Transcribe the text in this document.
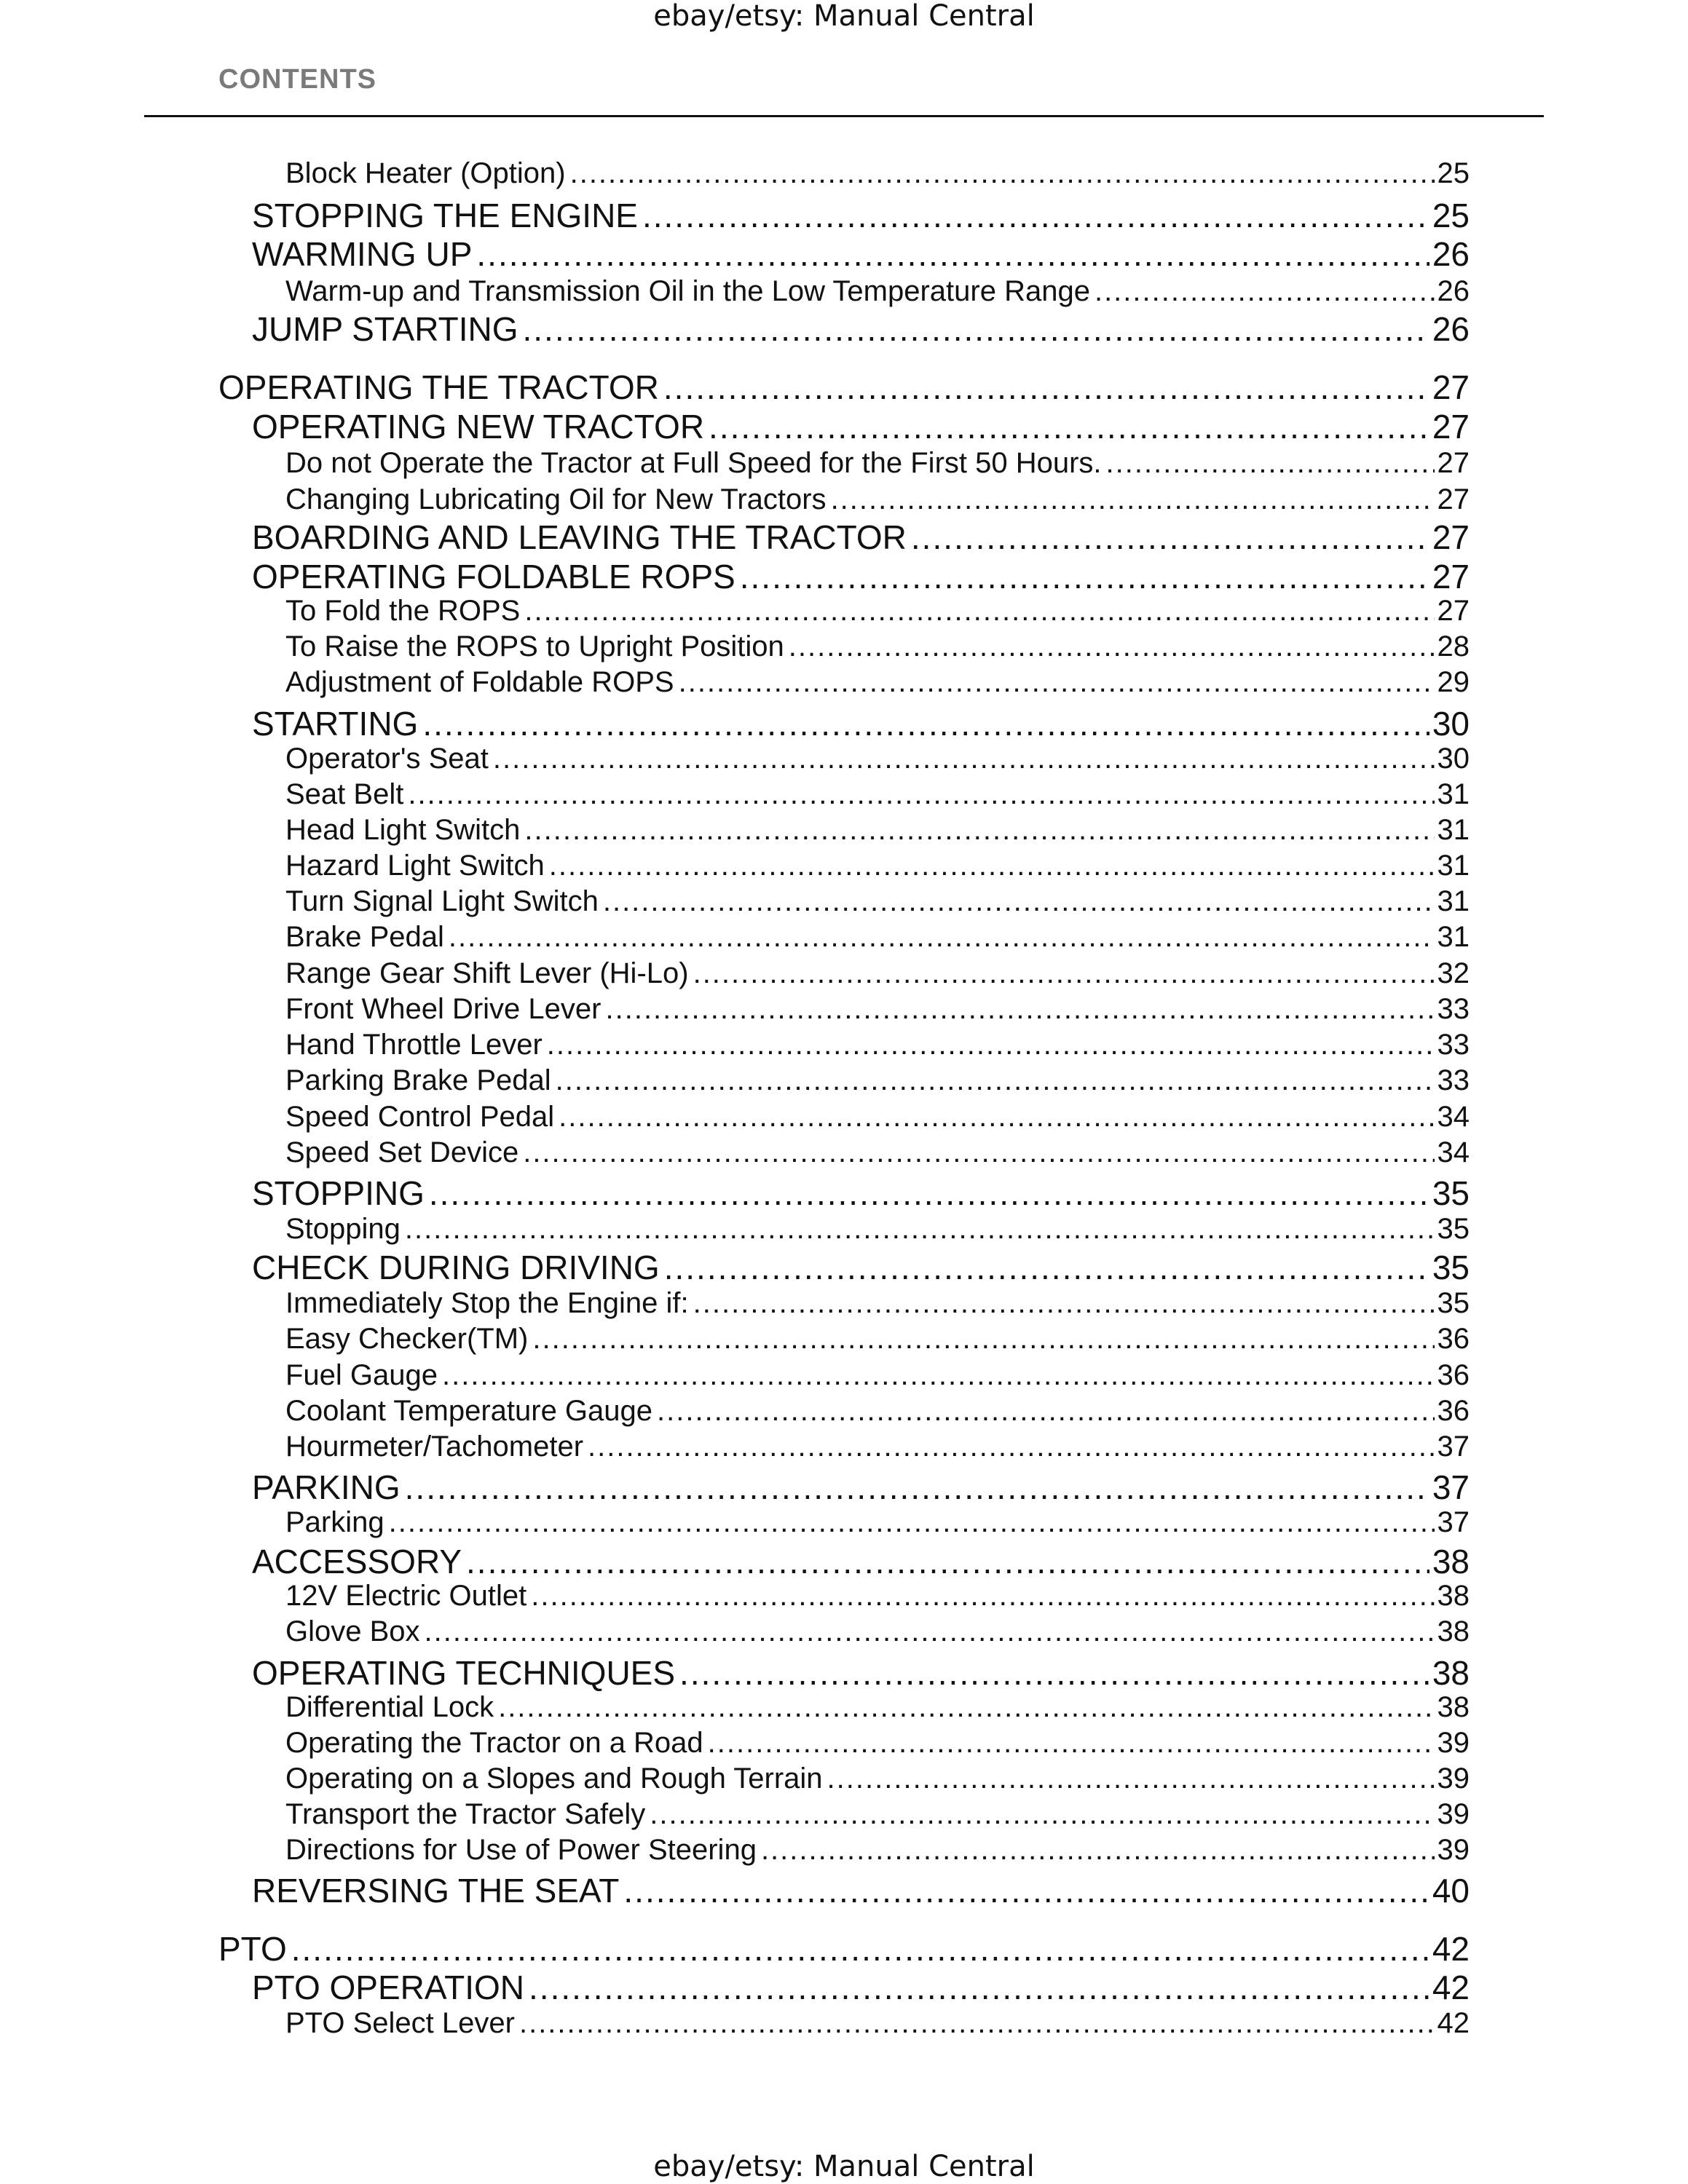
ebay/etsy: Manual Central
CONTENTS
Block Heater (Option) .....	25
STOPPING THE ENGINE .....	25
WARMING UP .....	26
Warm-up and Transmission Oil in the Low Temperature Range .....	26
JUMP STARTING .....	26
OPERATING THE TRACTOR .....	27
OPERATING NEW TRACTOR .....	27
Do not Operate the Tractor at Full Speed for the First 50 Hours. .....	27
Changing Lubricating Oil for New Tractors .....	27
BOARDING AND LEAVING THE TRACTOR .....	27
OPERATING FOLDABLE ROPS .....	27
To Fold the ROPS .....	27
To Raise the ROPS to Upright Position .....	28
Adjustment of Foldable ROPS .....	29
STARTING .....	30
Operator's Seat .....	30
Seat Belt .....	31
Head Light Switch .....	31
Hazard Light Switch .....	31
Turn Signal Light Switch .....	31
Brake Pedal .....	31
Range Gear Shift Lever (Hi-Lo) .....	32
Front Wheel Drive Lever .....	33
Hand Throttle Lever .....	33
Parking Brake Pedal .....	33
Speed Control Pedal .....	34
Speed Set Device .....	34
STOPPING .....	35
Stopping .....	35
CHECK DURING DRIVING .....	35
Immediately Stop the Engine if: .....	35
Easy Checker(TM) .....	36
Fuel Gauge .....	36
Coolant Temperature Gauge .....	36
Hourmeter/Tachometer .....	37
PARKING .....	37
Parking .....	37
ACCESSORY .....	38
12V Electric Outlet .....	38
Glove Box .....	38
OPERATING TECHNIQUES .....	38
Differential Lock .....	38
Operating the Tractor on a Road .....	39
Operating on a Slopes and Rough Terrain .....	39
Transport the Tractor Safely .....	39
Directions for Use of Power Steering .....	39
REVERSING THE SEAT .....	40
PTO .....	42
PTO OPERATION .....	42
PTO Select Lever .....	42
ebay/etsy: Manual Central
